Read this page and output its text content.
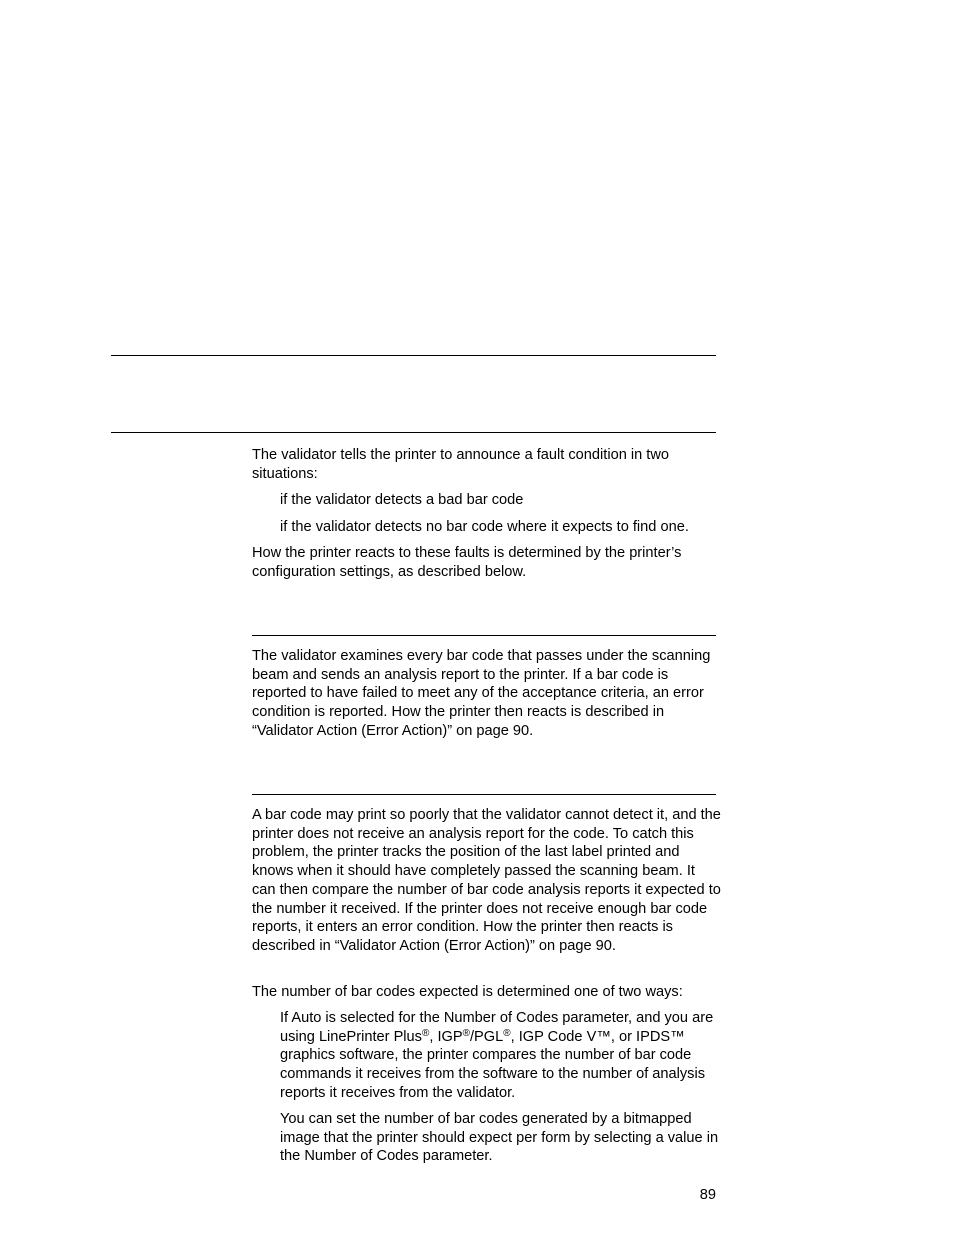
The validator tells the printer to announce a fault condition in two situations:

if the validator detects a bad bar code

if the validator detects no bar code where it expects to find one.

How the printer reacts to these faults is determined by the printer’s configuration settings, as described below.

The validator examines every bar code that passes under the scanning beam and sends an analysis report to the printer. If a bar code is reported to have failed to meet any of the acceptance criteria, an error condition is reported. How the printer then reacts is described in “Validator Action (Error Action)” on page 90.

A bar code may print so poorly that the validator cannot detect it, and the printer does not receive an analysis report for the code. To catch this problem, the printer tracks the position of the last label printed and knows when it should have completely passed the scanning beam. It can then compare the number of bar code analysis reports it expected to the number it received. If the printer does not receive enough bar code reports, it enters an error condition. How the printer then reacts is described in “Validator Action (Error Action)” on page 90.

The number of bar codes expected is determined one of two ways:

If Auto is selected for the Number of Codes parameter, and you are using LinePrinter Plus®, IGP®/PGL®, IGP Code V™, or IPDS™ graphics software, the printer compares the number of bar code commands it receives from the software to the number of analysis reports it receives from the validator.

You can set the number of bar codes generated by a bitmapped image that the printer should expect per form by selecting a value in the Number of Codes parameter.

89
